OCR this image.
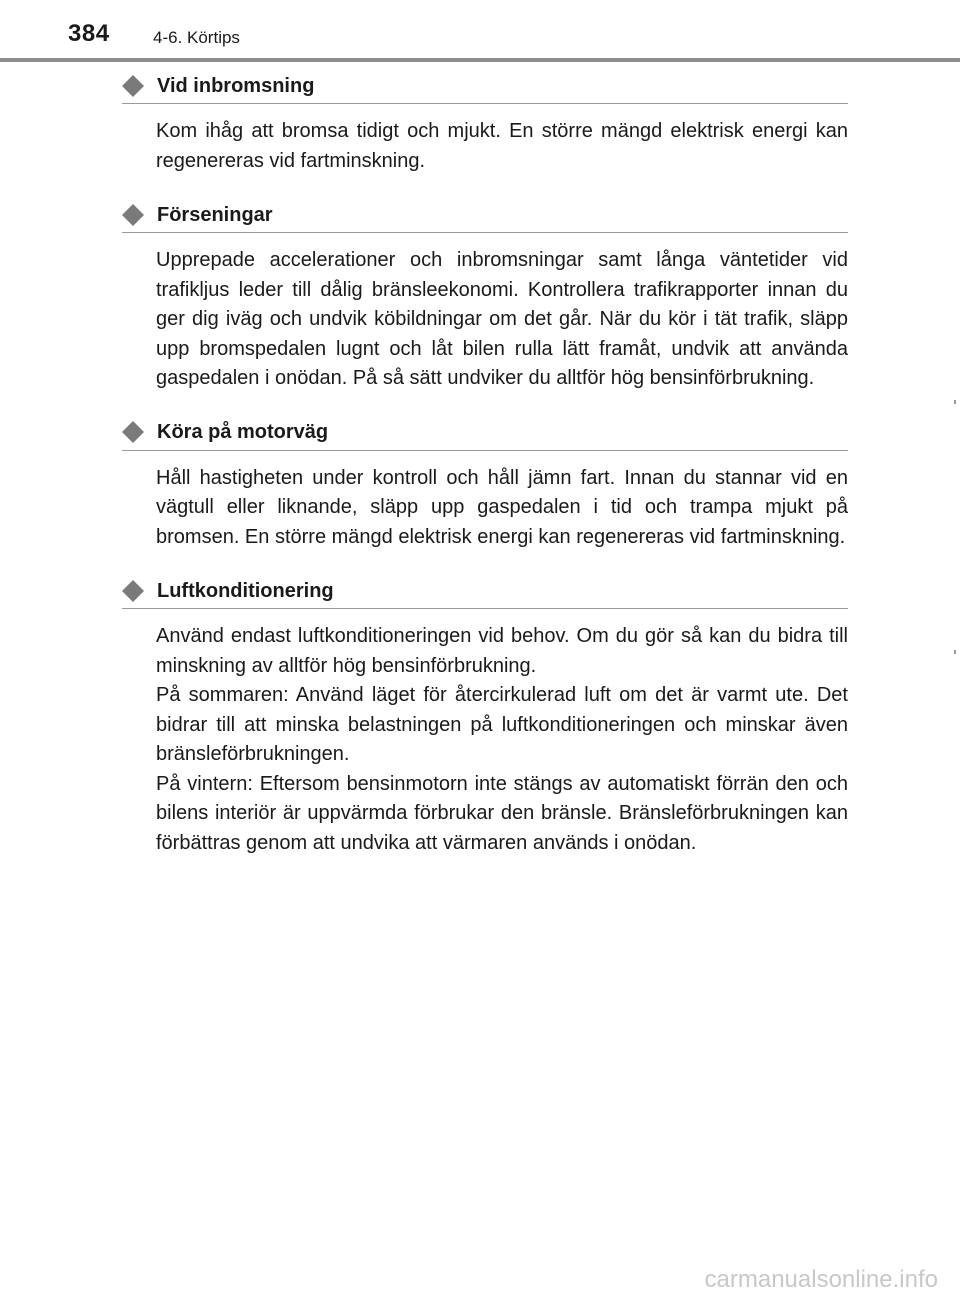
384	4-6. Körtips
Vid inbromsning

Kom ihåg att bromsa tidigt och mjukt. En större mängd elektrisk energi kan regenereras vid fartminskning.

Förseningar

Upprepade accelerationer och inbromsningar samt långa väntetider vid trafikljus leder till dålig bränsleekonomi. Kontrollera trafikrapporter innan du ger dig iväg och undvik köbildningar om det går. När du kör i tät trafik, släpp upp bromspedalen lugnt och låt bilen rulla lätt framåt, undvik att använda gaspedalen i onödan. På så sätt undviker du alltför hög bensinförbrukning.

Köra på motorväg

Håll hastigheten under kontroll och håll jämn fart. Innan du stannar vid en vägtull eller liknande, släpp upp gaspedalen i tid och trampa mjukt på bromsen. En större mängd elektrisk energi kan regenereras vid fartminskning.

Luftkonditionering

Använd endast luftkonditioneringen vid behov. Om du gör så kan du bidra till minskning av alltför hög bensinförbrukning.

På sommaren: Använd läget för återcirkulerad luft om det är varmt ute. Det bidrar till att minska belastningen på luftkonditioneringen och minskar även bränsleförbrukningen.

På vintern: Eftersom bensinmotorn inte stängs av automatiskt förrän den och bilens interiör är uppvärmda förbrukar den bränsle. Bränsleförbrukningen kan förbättras genom att undvika att värmaren används i onödan.

carmanualsonline.info
